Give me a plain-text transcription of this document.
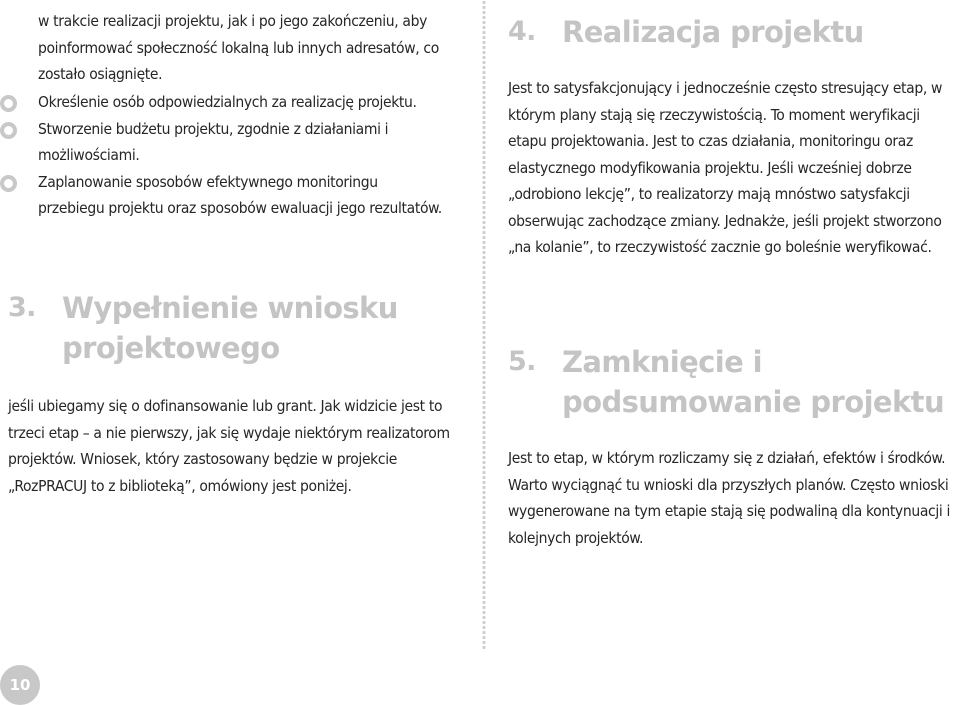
w trakcie realizacji projektu, jak i po jego zakończeniu, aby poinformować społeczność lokalną lub innych adresatów, co zostało osiągnięte.

Określenie osób odpowiedzialnych za realizację projektu.
Stworzenie budżetu projektu, zgodnie z działaniami i możliwościami.
Zaplanowanie sposobów efektywnego monitoringu przebiegu projektu oraz sposobów ewaluacji jego rezultatów.
3. Wypełnienie wniosku projektowego

jeśli ubiegamy się o dofinansowanie lub grant. Jak widzicie jest to trzeci etap – a nie pierwszy, jak się wydaje niektórym realizatorom projektów. Wniosek, który zastosowany będzie w projekcie „RozPRACUJ to z biblioteką”, omówiony jest poniżej.

4. Realizacja projektu

Jest to satysfakcjonujący i jednocześnie często stresujący etap, w którym plany stają się rzeczywistością. To moment weryfikacji etapu projektowania. Jest to czas działania, monitoringu oraz elastycznego modyfikowania projektu. Jeśli wcześniej dobrze „odrobiono lekcję”, to realizatorzy mają mnóstwo satysfakcji obserwując zachodzące zmiany. Jednakże, jeśli projekt stworzono „na kolanie”, to rzeczywistość zacznie go boleśnie weryfikować.

5. Zamknięcie i podsumowanie projektu

Jest to etap, w którym rozliczamy się z działań, efektów i środków. Warto wyciągnąć tu wnioski dla przyszłych planów. Często wnioski wygenerowane na tym etapie stają się podwaliną dla kontynuacji i kolejnych projektów.

10
